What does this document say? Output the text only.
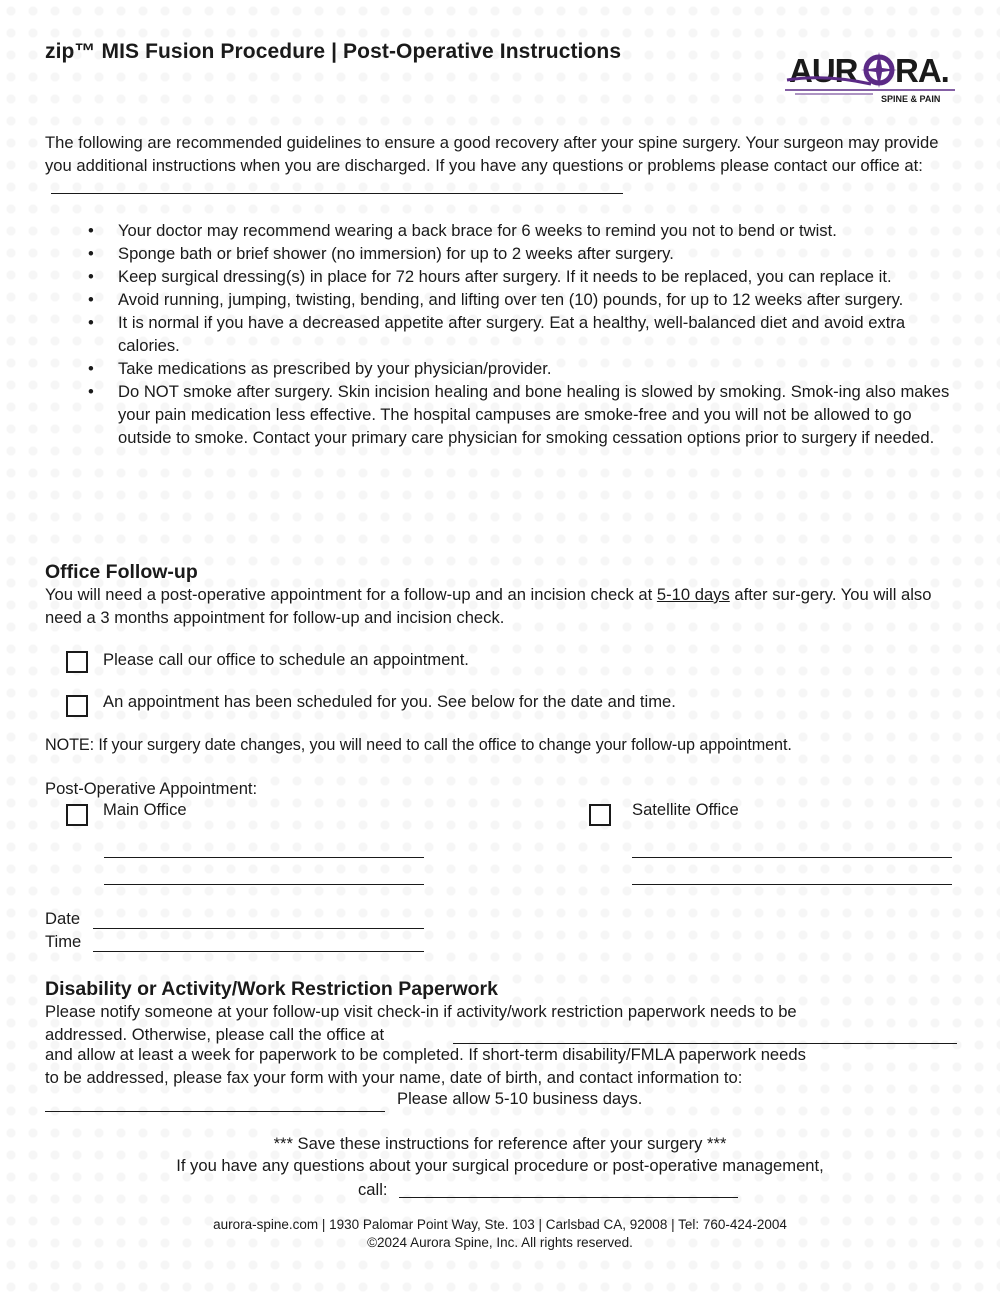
zip™ MIS Fusion Procedure | Post-Operative Instructions
AUR RA.
SPINE & PAIN
The following are recommended guidelines to ensure a good recovery after your spine surgery. Your surgeon may provide you additional instructions when you are discharged. If you have any questions or problems please contact our office at:
• Your doctor may recommend wearing a back brace for 6 weeks to remind you not to bend or twist.
• Sponge bath or brief shower (no immersion) for up to 2 weeks after surgery.
• Keep surgical dressing(s) in place for 72 hours after surgery. If it needs to be replaced, you can replace it.
• Avoid running, jumping, twisting, bending, and lifting over ten (10) pounds, for up to 12 weeks after surgery.
• It is normal if you have a decreased appetite after surgery. Eat a healthy, well-balanced diet and avoid extra calories.
• Take medications as prescribed by your physician/provider.
• Do NOT smoke after surgery. Skin incision healing and bone healing is slowed by smoking. Smok-ing also makes your pain medication less effective. The hospital campuses are smoke-free and you will not be allowed to go outside to smoke. Contact your primary care physician for smoking cessation options prior to surgery if needed.
Office Follow-up
You will need a post-operative appointment for a follow-up and an incision check at 5-10 days after sur-gery. You will also need a 3 months appointment for follow-up and incision check.
Please call our office to schedule an appointment.
An appointment has been scheduled for you. See below for the date and time.
NOTE: If your surgery date changes, you will need to call the office to change your follow-up appointment.
Post-Operative Appointment:
Main Office	Satellite Office
Date
Time
Disability or Activity/Work Restriction Paperwork
Please notify someone at your follow-up visit check-in if activity/work restriction paperwork needs to be
addressed. Otherwise, please call the office at
and allow at least a week for paperwork to be completed. If short-term disability/FMLA paperwork needs
to be addressed, please fax your form with your name, date of birth, and contact information to:
Please allow 5-10 business days.
*** Save these instructions for reference after your surgery ***
If you have any questions about your surgical procedure or post-operative management,
call:
aurora-spine.com | 1930 Palomar Point Way, Ste. 103 | Carlsbad CA, 92008 | Tel: 760-424-2004
©2024 Aurora Spine, Inc. All rights reserved.
